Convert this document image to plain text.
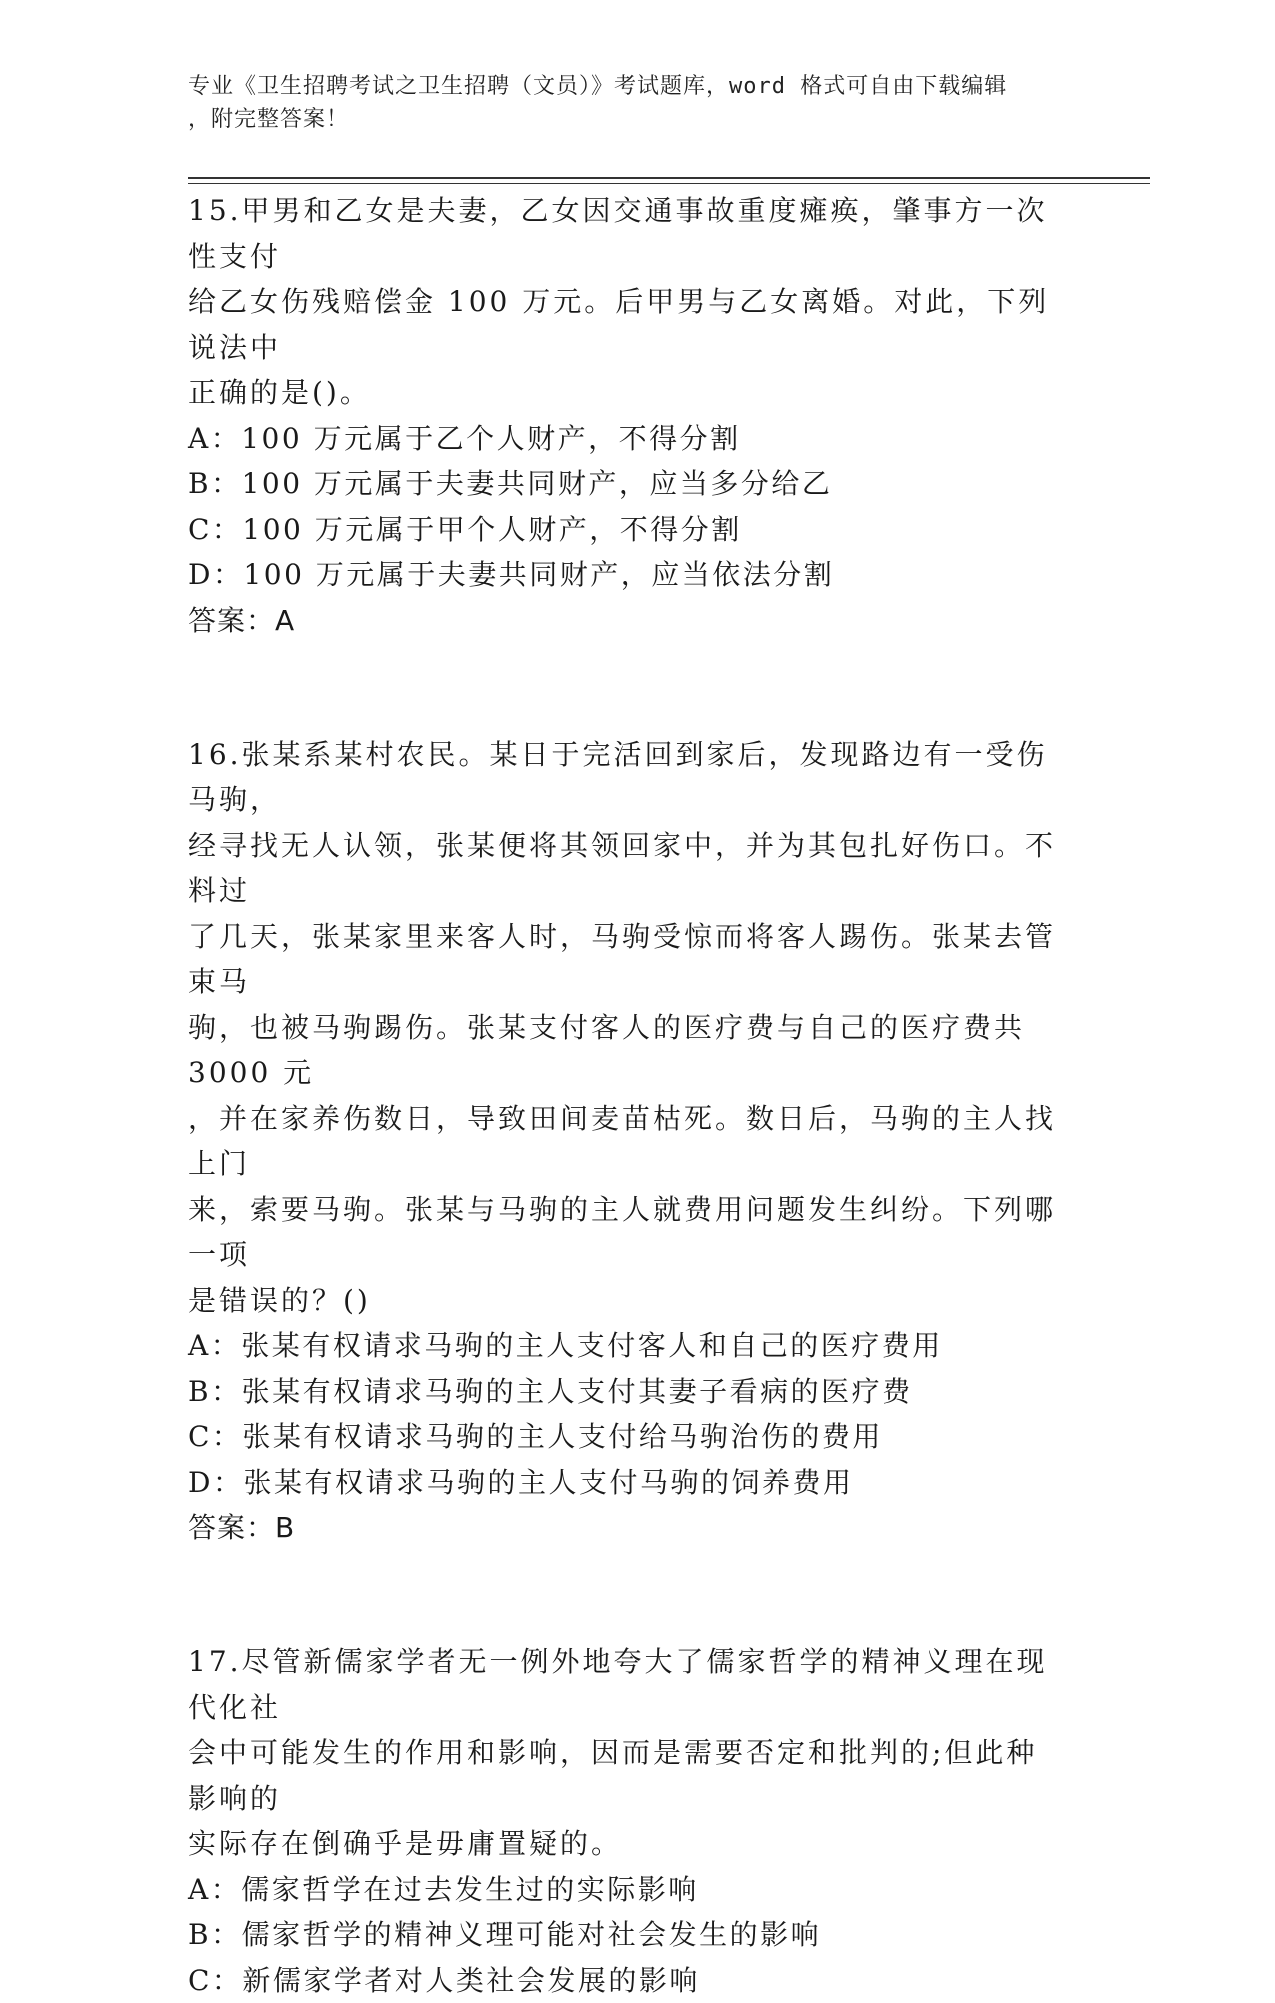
专业《卫生招聘考试之卫生招聘（文员）》考试题库，word 格式可自由下载编辑
，附完整答案！

15.甲男和乙女是夫妻，乙女因交通事故重度瘫痪，肇事方一次性支付

给乙女伤残赔偿金 100 万元。后甲男与乙女离婚。对此，下列说法中

正确的是()。

A：100 万元属于乙个人财产，不得分割

B：100 万元属于夫妻共同财产，应当多分给乙

C：100 万元属于甲个人财产，不得分割

D：100 万元属于夫妻共同财产，应当依法分割

答案：A

16.张某系某村农民。某日于完活回到家后，发现路边有一受伤马驹，

经寻找无人认领，张某便将其领回家中，并为其包扎好伤口。不料过

了几天，张某家里来客人时，马驹受惊而将客人踢伤。张某去管束马

驹，也被马驹踢伤。张某支付客人的医疗费与自己的医疗费共 3000 元

，并在家养伤数日，导致田间麦苗枯死。数日后，马驹的主人找上门

来，索要马驹。张某与马驹的主人就费用问题发生纠纷。下列哪一项

是错误的？()

A：张某有权请求马驹的主人支付客人和自己的医疗费用

B：张某有权请求马驹的主人支付其妻子看病的医疗费

C：张某有权请求马驹的主人支付给马驹治伤的费用

D：张某有权请求马驹的主人支付马驹的饲养费用

答案：B

17.尽管新儒家学者无一例外地夸大了儒家哲学的精神义理在现代化社

会中可能发生的作用和影响，因而是需要否定和批判的;但此种影响的

实际存在倒确乎是毋庸置疑的。

A：儒家哲学在过去发生过的实际影响

B：儒家哲学的精神义理可能对社会发生的影响

C：新儒家学者对人类社会发展的影响
